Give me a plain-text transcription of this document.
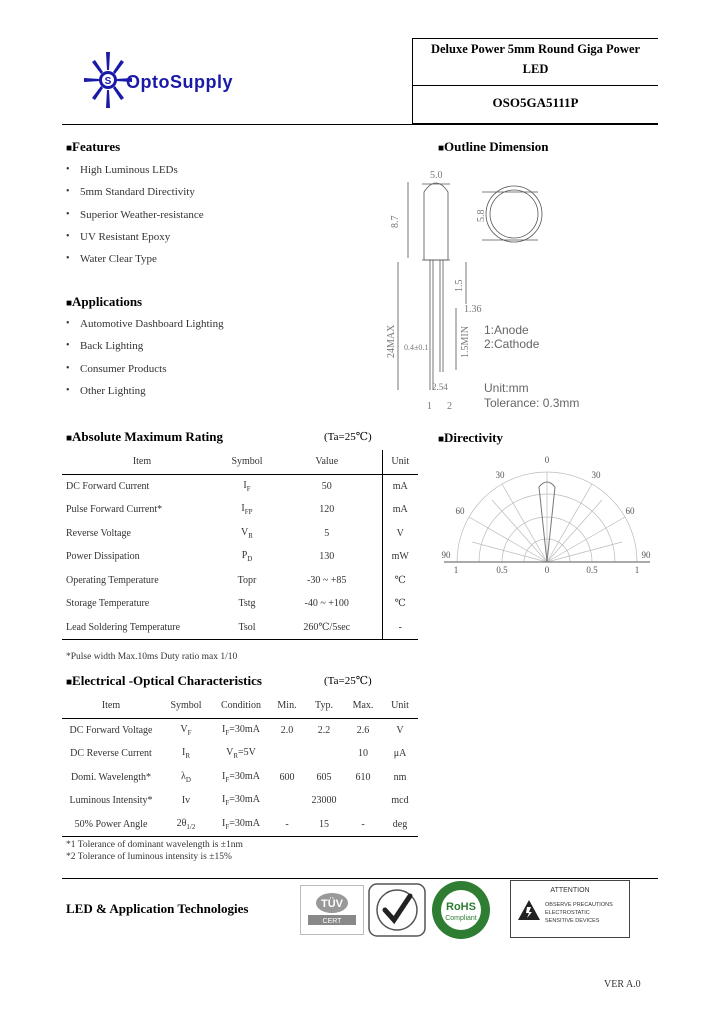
S OptoSupply
Deluxe Power 5mm Round Giga Power
LED
OSO5GA5111P
■Features
• High Luminous LEDs
• 5mm Standard Directivity
• Superior Weather-resistance
• UV Resistant Epoxy
• Water Clear Type
■Applications
• Automotive Dashboard Lighting
• Back Lighting
• Consumer Products
• Other Lighting
■Outline Dimension
5.0
8.7	5.8
1.5
1.36
24MAX	1.5MIN
0.4±0.1
2.54
1 2
1:Anode
2:Cathode
Unit:mm
Tolerance: 0.3mm
■Absolute Maximum Rating	(Ta=25℃)
Item	Symbol	Value	Unit
DC Forward Current	$I_F$	50	mA
Pulse Forward Current*	$I_{FP}$	120	mA
Reverse Voltage	$V_R$	5	V
Power Dissipation	$P_D$	130	mW
Operating Temperature	Topr	-30 ~ +85	℃
Storage Temperature	Tstg	-40 ~ +100	℃
Lead Soldering Temperature	Tsol	260℃/5sec	-
*Pulse width Max.10ms Duty ratio max 1/10
■Directivity
0
30	30
60	60
90	90
1	0.5	0	0.5	1
■Electrical -Optical Characteristics	(Ta=25℃)
Item	Symbol	Condition	Min.	Typ.	Max.	Unit
DC Forward Voltage	$V_F$	$I_F=30mA$	2.0	2.2	2.6	V
DC Reverse Current	$I_R$	$V_R=5V$			10	μA
Domi. Wavelength*	$\lambda_D$	$I_F=30mA$	600	605	610	nm
Luminous Intensity*	Iv	$I_F=30mA$		23000		mcd
50% Power Angle	$2\theta_{1/2}$	$I_F=30mA$	-	15	-	deg
*1 Tolerance of dominant wavelength is ±1nm
*2 Tolerance of luminous intensity is ±15%
LED & Application Technologies	TÜV
CERT
RoHS
Compliant
ATTENTION
OBSERVE PRECAUTIONS
ELECTROSTATIC
SENSITIVE DEVICES
VER A.0
